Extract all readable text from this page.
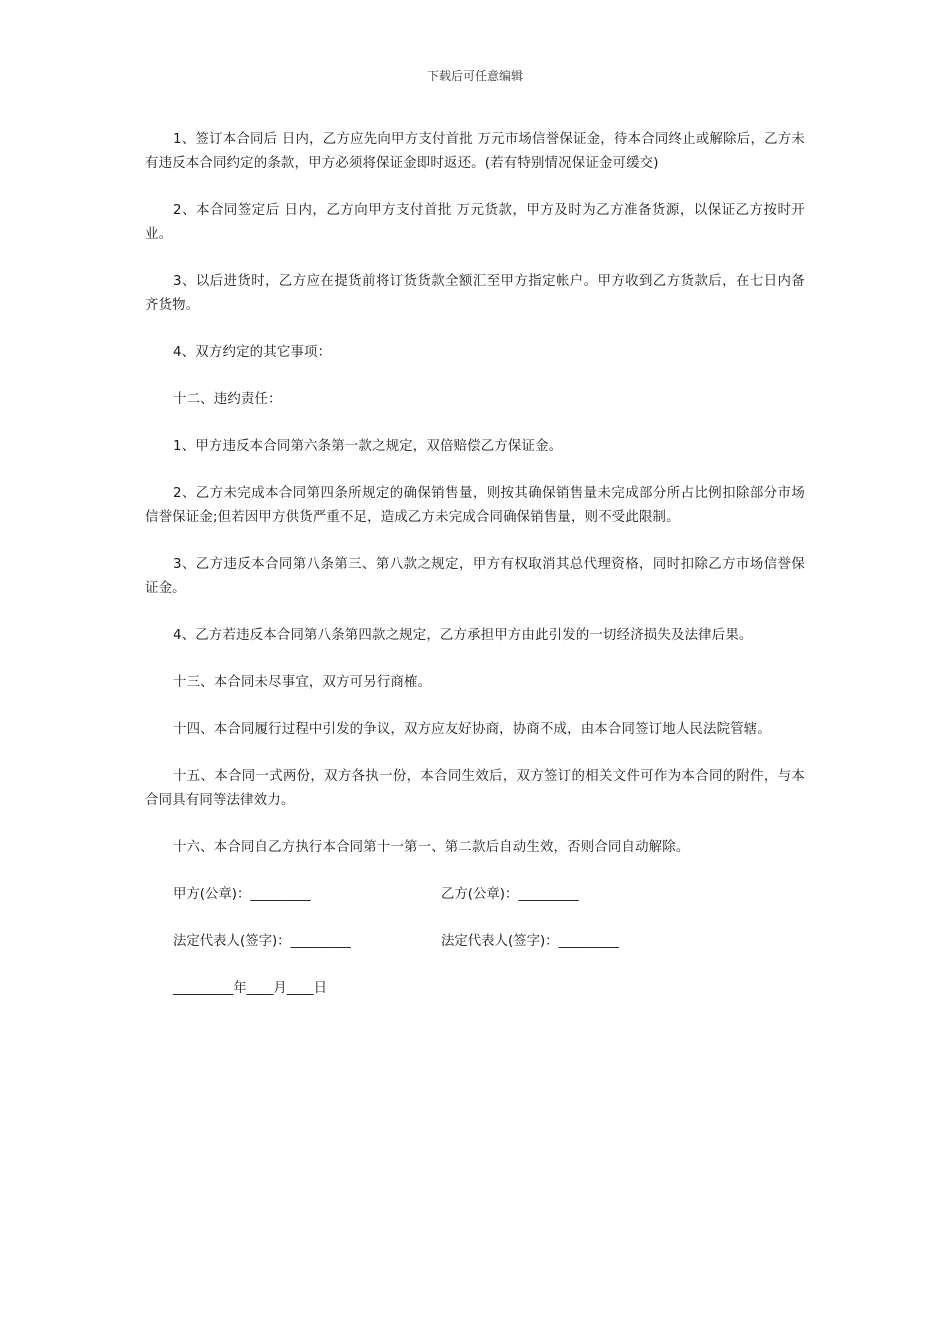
下载后可任意编辑

1、签订本合同后 日内，乙方应先向甲方支付首批 万元市场信誉保证金，待本合同终止或解除后，乙方未有违反本合同约定的条款，甲方必须将保证金即时返还。(若有特别情况保证金可缓交)

2、本合同签定后 日内，乙方向甲方支付首批 万元货款，甲方及时为乙方准备货源，以保证乙方按时开业。

3、以后进货时，乙方应在提货前将订货货款全额汇至甲方指定帐户。甲方收到乙方货款后，在七日内备齐货物。

4、双方约定的其它事项：

十二、违约责任：

1、甲方违反本合同第六条第一款之规定，双倍赔偿乙方保证金。

2、乙方未完成本合同第四条所规定的确保销售量，则按其确保销售量未完成部分所占比例扣除部分市场信誉保证金;但若因甲方供货严重不足，造成乙方未完成合同确保销售量，则不受此限制。

3、乙方违反本合同第八条第三、第八款之规定，甲方有权取消其总代理资格，同时扣除乙方市场信誉保证金。

4、乙方若违反本合同第八条第四款之规定，乙方承担甲方由此引发的一切经济损失及法律后果。

十三、本合同未尽事宜，双方可另行商榷。

十四、本合同履行过程中引发的争议，双方应友好协商，协商不成，由本合同签订地人民法院管辖。

十五、本合同一式两份，双方各执一份，本合同生效后，双方签订的相关文件可作为本合同的附件，与本合同具有同等法律效力。

十六、本合同自乙方执行本合同第十一第一、第二款后自动生效，否则合同自动解除。

甲方(公章)：_________	乙方(公章)：_________
法定代表人(签字)：_________	法定代表人(签字)：_________
_________年____月____日
